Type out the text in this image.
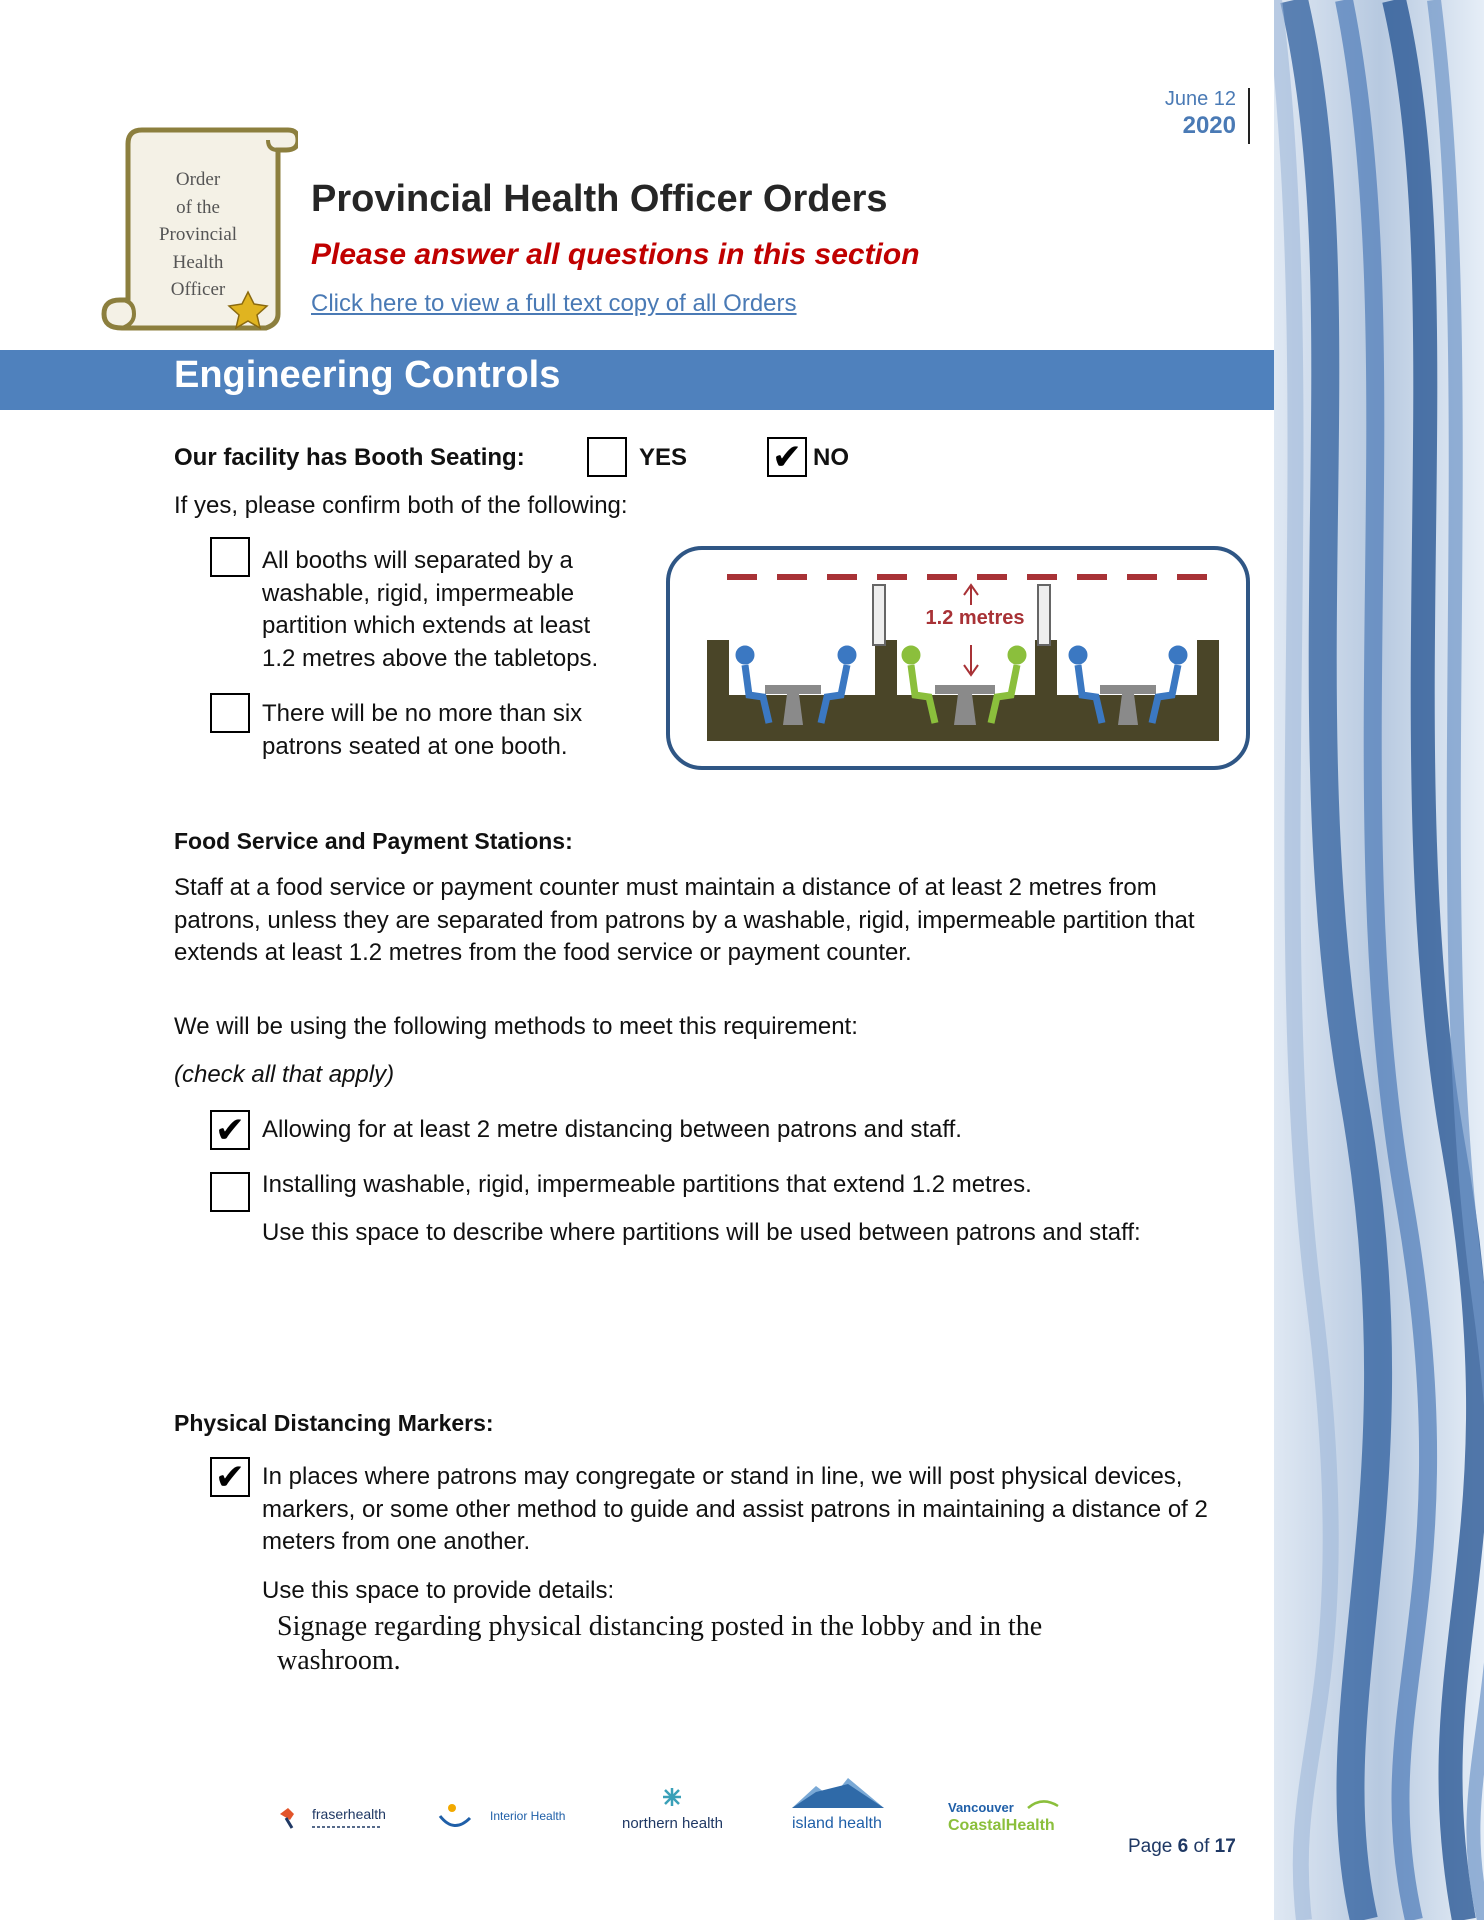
June 12
2020
Order
of the
Provincial
Health
Officer
Provincial Health Officer Orders
Please answer all questions in this section
Click here to view a full text copy of all Orders
Engineering Controls
Our facility has Booth Seating:	YES ✔ NO
If yes, please confirm both of the following:
All booths will separated by a
washable, rigid, impermeable
partition which extends at least
1.2 metres above the tabletops.
There will be no more than six
patrons seated at one booth.
1.2 metres
Food Service and Payment Stations:
Staff at a food service or payment counter must maintain a distance of at least 2 metres from
patrons, unless they are separated from patrons by a washable, rigid, impermeable partition that
extends at least 1.2 metres from the food service or payment counter.
We will be using the following methods to meet this requirement:
(check all that apply)
✔ Allowing for at least 2 metre distancing between patrons and staff.
Installing washable, rigid, impermeable partitions that extend 1.2 metres.
Use this space to describe where partitions will be used between patrons and staff:
Physical Distancing Markers:
✔ In places where patrons may congregate or stand in line, we will post physical devices,
markers, or some other method to guide and assist patrons in maintaining a distance of 2
meters from one another.
Use this space to provide details:
Signage regarding physical distancing posted in the lobby and in the
washroom.
fraserhealth	Interior Health	northern health	island health
Vancouver
CoastalHealth
Page 6 of 17
